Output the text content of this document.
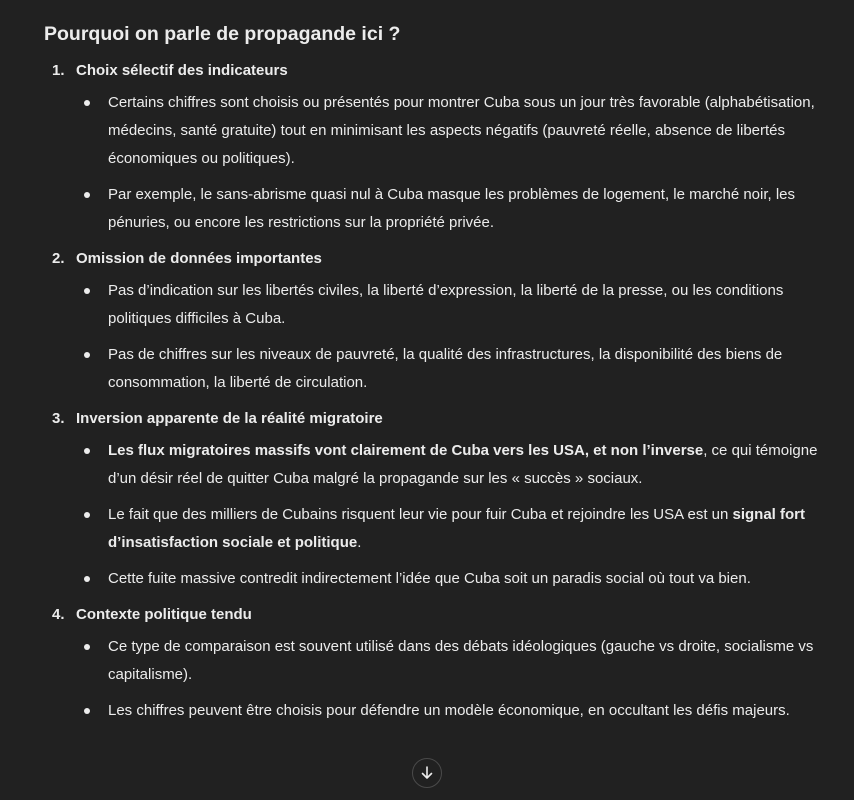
Pourquoi on parle de propagande ici ?
1. Choix sélectif des indicateurs
Certains chiffres sont choisis ou présentés pour montrer Cuba sous un jour très favorable (alphabétisation, médecins, santé gratuite) tout en minimisant les aspects négatifs (pauvreté réelle, absence de libertés économiques ou politiques).
Par exemple, le sans-abrisme quasi nul à Cuba masque les problèmes de logement, le marché noir, les pénuries, ou encore les restrictions sur la propriété privée.
2. Omission de données importantes
Pas d’indication sur les libertés civiles, la liberté d’expression, la liberté de la presse, ou les conditions politiques difficiles à Cuba.
Pas de chiffres sur les niveaux de pauvreté, la qualité des infrastructures, la disponibilité des biens de consommation, la liberté de circulation.
3. Inversion apparente de la réalité migratoire
Les flux migratoires massifs vont clairement de Cuba vers les USA, et non l’inverse, ce qui témoigne d’un désir réel de quitter Cuba malgré la propagande sur les « succès » sociaux.
Le fait que des milliers de Cubains risquent leur vie pour fuir Cuba et rejoindre les USA est un signal fort d’insatisfaction sociale et politique.
Cette fuite massive contredit indirectement l’idée que Cuba soit un paradis social où tout va bien.
4. Contexte politique tendu
Ce type de comparaison est souvent utilisé dans des débats idéologiques (gauche vs droite, socialisme vs capitalisme).
Les chiffres peuvent être choisis pour défendre un modèle économique, en occultant les défis majeurs.
